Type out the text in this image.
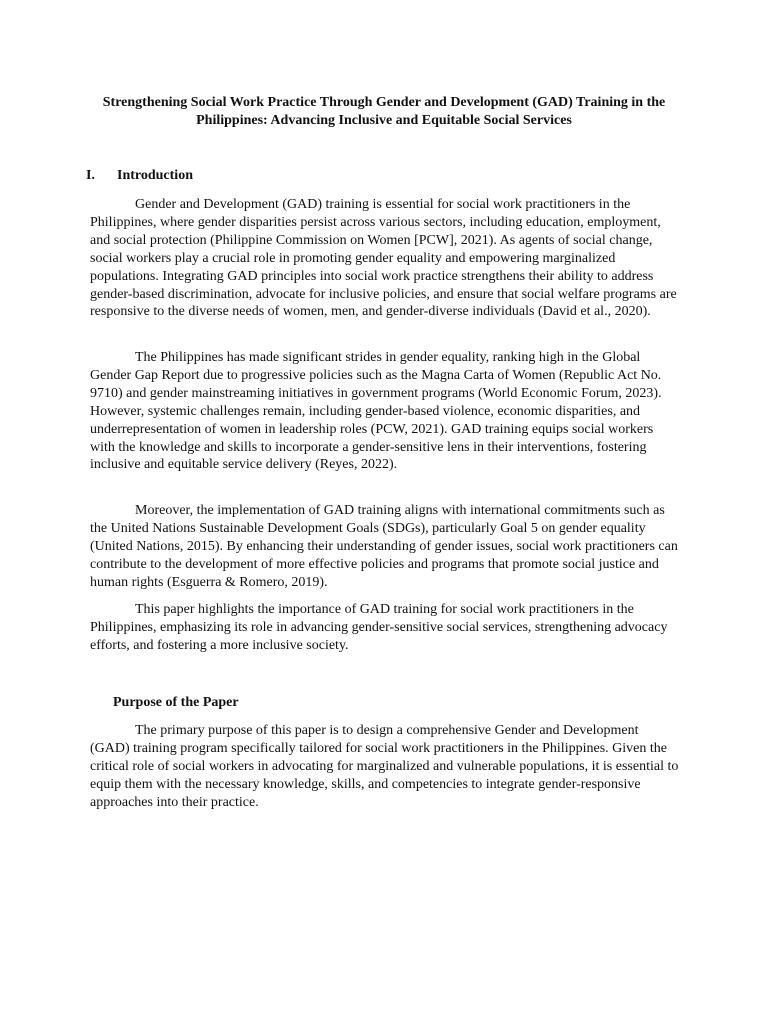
Strengthening Social Work Practice Through Gender and Development (GAD) Training in the Philippines: Advancing Inclusive and Equitable Social Services
I. Introduction

Gender and Development (GAD) training is essential for social work practitioners in the Philippines, where gender disparities persist across various sectors, including education, employment, and social protection (Philippine Commission on Women [PCW], 2021). As agents of social change, social workers play a crucial role in promoting gender equality and empowering marginalized populations. Integrating GAD principles into social work practice strengthens their ability to address gender-based discrimination, advocate for inclusive policies, and ensure that social welfare programs are responsive to the diverse needs of women, men, and gender-diverse individuals (David et al., 2020).

The Philippines has made significant strides in gender equality, ranking high in the Global Gender Gap Report due to progressive policies such as the Magna Carta of Women (Republic Act No. 9710) and gender mainstreaming initiatives in government programs (World Economic Forum, 2023). However, systemic challenges remain, including gender-based violence, economic disparities, and underrepresentation of women in leadership roles (PCW, 2021). GAD training equips social workers with the knowledge and skills to incorporate a gender-sensitive lens in their interventions, fostering inclusive and equitable service delivery (Reyes, 2022).

Moreover, the implementation of GAD training aligns with international commitments such as the United Nations Sustainable Development Goals (SDGs), particularly Goal 5 on gender equality (United Nations, 2015). By enhancing their understanding of gender issues, social work practitioners can contribute to the development of more effective policies and programs that promote social justice and human rights (Esguerra & Romero, 2019).

This paper highlights the importance of GAD training for social work practitioners in the Philippines, emphasizing its role in advancing gender-sensitive social services, strengthening advocacy efforts, and fostering a more inclusive society.

Purpose of the Paper

The primary purpose of this paper is to design a comprehensive Gender and Development (GAD) training program specifically tailored for social work practitioners in the Philippines. Given the critical role of social workers in advocating for marginalized and vulnerable populations, it is essential to equip them with the necessary knowledge, skills, and competencies to integrate gender-responsive approaches into their practice.
